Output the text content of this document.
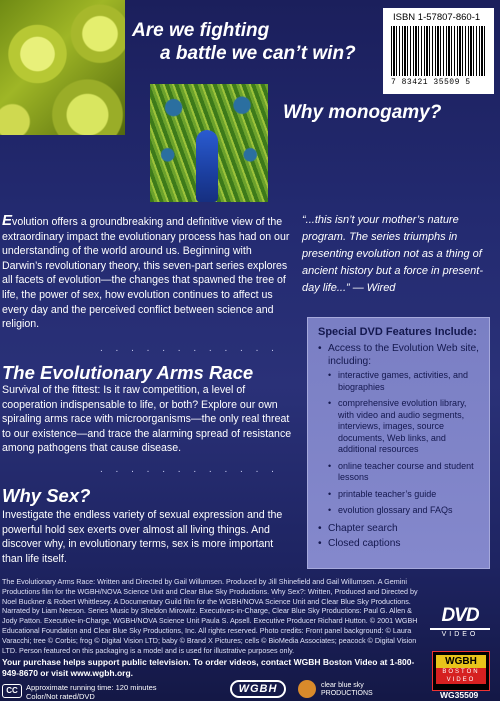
ISBN 1-57807-860-1
7 83421 35509 5
Are we fighting
a battle we can’t win?
Why monogamy?
Evolution offers a groundbreaking and definitive view of the extraordinary impact the evolutionary process has had on our understanding of the world around us. Beginning with Darwin’s revolutionary theory, this seven-part series explores all facets of evolution—the changes that spawned the tree of life, the power of sex, how evolution continues to affect us every day and the perceived conflict between science and religion.
. . . . . . . . . . . .
The Evolutionary Arms Race
Survival of the fittest: Is it raw competition, a level of cooperation indispensable to life, or both? Explore our own spiraling arms race with microorganisms—the only real threat to our existence—and trace the alarming spread of resistance among pathogens that cause disease.
. . . . . . . . . . . .
Why Sex?
Investigate the endless variety of sexual expression and the powerful hold sex exerts over almost all living things. And discover why, in evolutionary terms, sex is more important than life itself.
“...this isn’t your mother’s nature program. The series triumphs in presenting evolution not as a thing of ancient history but a force in present-day life...” — Wired
Special DVD Features Include:
• Access to the Evolution Web site, including:
• interactive games, activities, and biographies
• comprehensive evolution library, with video and audio segments, interviews, images, source documents, Web links, and additional resources
• online teacher course and student lessons
• printable teacher’s guide
• evolution glossary and FAQs
• Chapter search
• Closed captions
The Evolutionary Arms Race: Written and Directed by Gail Willumsen. Produced by Jill Shinefield and Gail Willumsen. A Gemini Productions film for the WGBH/NOVA Science Unit and Clear Blue Sky Productions. Why Sex?: Written, Produced and Directed by Noel Buckner & Robert Whittlesey. A Documentary Guild film for the WGBH/NOVA Science Unit and Clear Blue Sky Productions. Narrated by Liam Neeson. Series Music by Sheldon Mirowitz. Executives-in-Charge, Clear Blue Sky Productions: Paul G. Allen & Jody Patton. Executive-in-Charge, WGBH/NOVA Science Unit Paula S. Apsell. Executive Producer Richard Hutton. © 2001 WGBH Educational Foundation and Clear Blue Sky Productions, Inc. All rights reserved. Photo credits: Front panel background: © Laura Varacchi; tree © Corbis; frog © Digital Vision LTD; baby © Brand X Pictures; cells © BioMedia Associates; peacock © Digital Vision LTD. Person featured on this packaging is a model and is used for illustrative purposes only.
Your purchase helps support public television. To order videos, contact WGBH Boston Video at 1-800-949-8670 or visit www.wgbh.org.
CC	Approximate running time: 120 minutes
Color/Not rated/DVD
WGBH	clear blue sky
PRODUCTIONS
DVD
VIDEO
WGBH
BOSTON VIDEO
WG35509
